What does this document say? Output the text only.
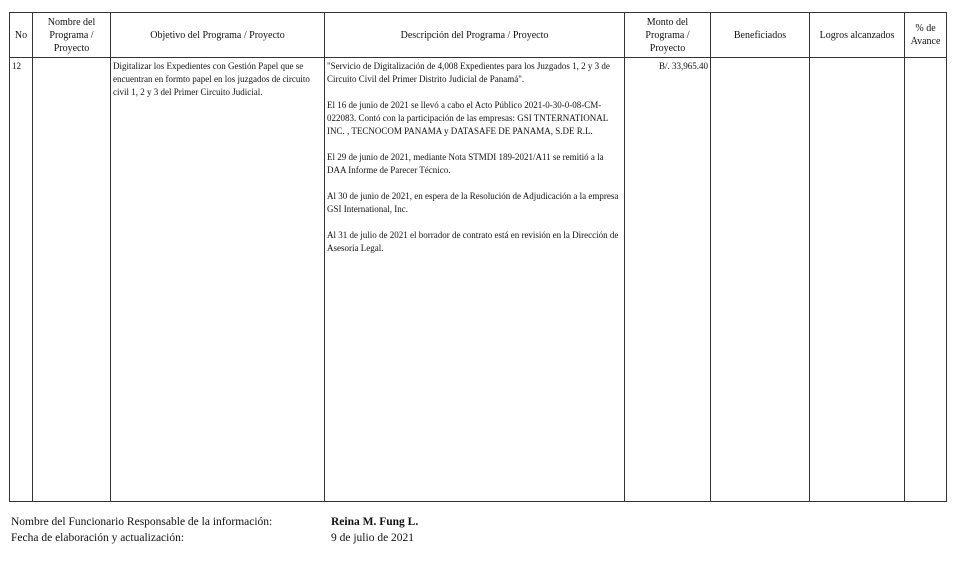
No	Nombre del Programa / Proyecto	Objetivo del Programa / Proyecto	Descripción del Programa / Proyecto	Monto del Programa / Proyecto	Beneficiados	Logros alcanzados	% de Avance
12		Digitalizar los Expedientes con Gestión Papel que se encuentran en formto papel en los juzgados de circuito civil 1, 2 y 3 del Primer Circuito Judicial.	"Servicio de Digitalización de 4,008 Expedientes para los Juzgados 1, 2 y 3 de Circuito Civil del Primer Distrito Judicial de Panamá".

El 16 de junio de 2021 se llevó a cabo el Acto Público 2021-0-30-0-08-CM-022083. Contó con la participación de las empresas: GSI TNTERNATIONAL INC. , TECNOCOM PANAMA y DATASAFE DE PANAMA, S.DE R.L.

El 29 de junio de 2021, mediante Nota STMDI 189-2021/A11 se remitió a la DAA Informe de Parecer Técnico.

Al 30 de junio de 2021, en espera de la Resolución de Adjudicación a la empresa GSI International, Inc.

Al 31 de julio de 2021 el borrador de contrato está en revisión en la Dirección de Asesoría Legal.	B/. 33,965.40			
Nombre del Funcionario Responsable de la información:	Reina M. Fung L.
Fecha de elaboración y actualización:	9 de julio de 2021
